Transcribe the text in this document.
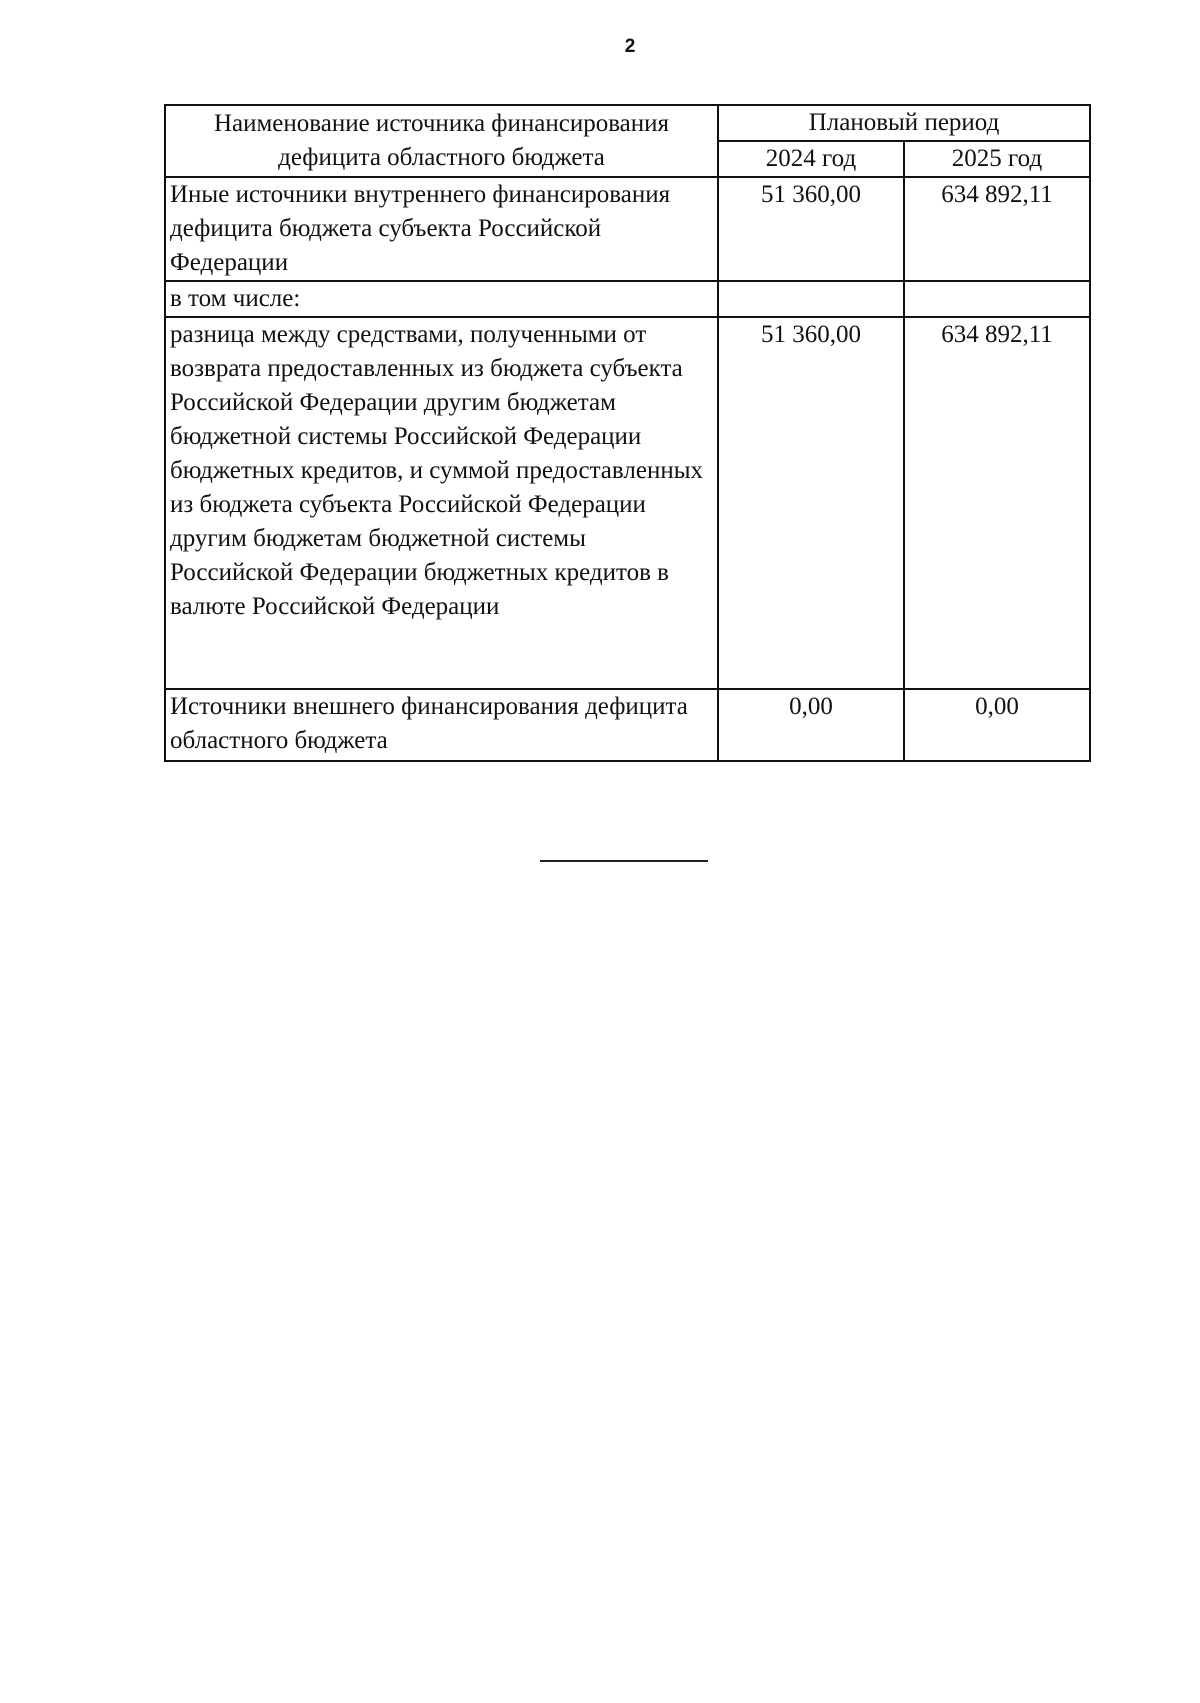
2
Наименование источника финансирования дефицита областного бюджета	Плановый период	
	2024 год	2025 год
Иные источники внутреннего финансирования дефицита бюджета субъекта Российской Федерации	51 360,00	634 892,11
в том числе:		
разница между средствами, полученными от возврата предоставленных из бюджета субъекта Российской Федерации другим бюджетам бюджетной системы Российской Федерации бюджетных кредитов, и суммой предоставленных из бюджета субъекта Российской Федерации другим бюджетам бюджетной системы Российской Федерации бюджетных кредитов в валюте Российской Федерации	51 360,00	634 892,11
Источники внешнего финансирования дефицита областного бюджета	0,00	0,00
